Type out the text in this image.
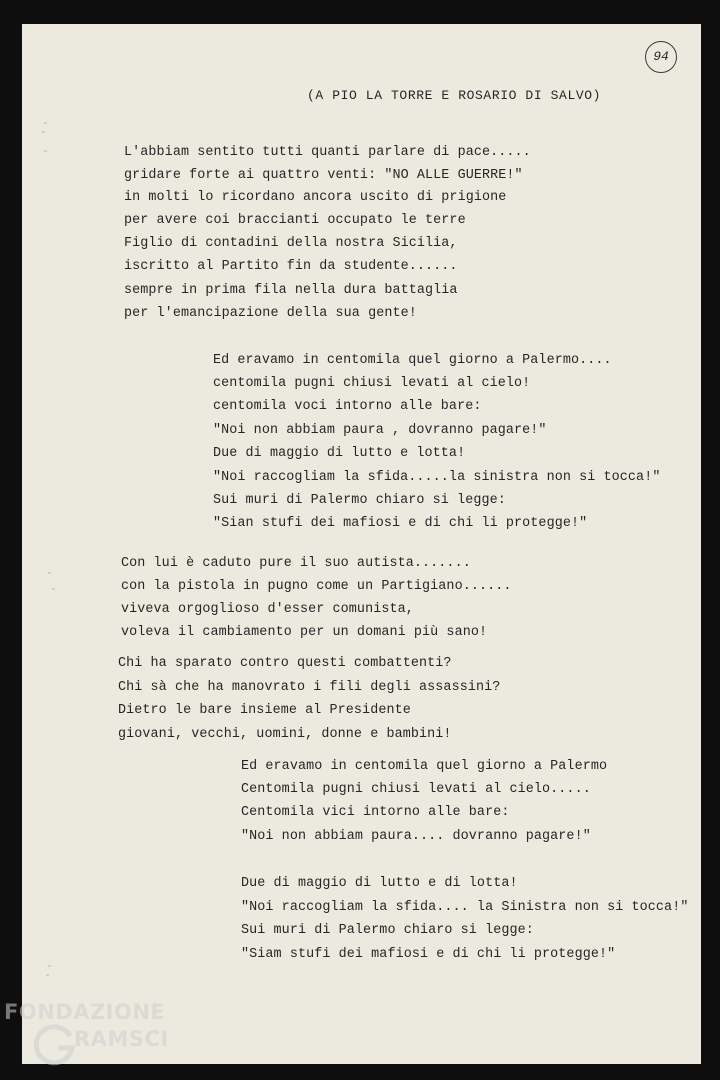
94
(A PIO LA TORRE E ROSARIO DI SALVO)
L'abbiam sentito tutti quanti parlare di pace.....
gridare forte ai quattro venti: "NO ALLE GUERRE!"
in molti lo ricordano ancora uscito di prigione
per avere coi braccianti occupato le terre
Figlio di contadini della nostra Sicilia,
iscritto al Partito fin da studente......
sempre in prima fila nella dura battaglia
per l'emancipazione della sua gente!
Ed eravamo in centomila quel giorno a Palermo....
centomila pugni chiusi levati al cielo!
centomila voci intorno alle bare:
"Noi non abbiam paura , dovranno pagare!"
Due di maggio di lutto e lotta!
"Noi raccogliam la sfida.....la sinistra non si tocca!"
Sui muri di Palermo chiaro si legge:
"Sian stufi dei mafiosi e di chi li protegge!"
Con lui è caduto pure il suo autista.......
con la pistola in pugno come un Partigiano......
viveva orgoglioso d'esser comunista,
voleva il cambiamento per un domani più sano!
Chi ha sparato contro questi combattenti?
Chi sà che ha manovrato i fili degli assassini?
Dietro le bare insieme al Presidente
giovani, vecchi, uomini, donne e bambini!
Ed eravamo in centomila quel giorno a Palermo
Centomila pugni chiusi levati al cielo.....
Centomila vici intorno alle bare:
"Noi non abbiam paura.... dovranno pagare!"
Due di maggio di lutto e di lotta!
"Noi raccogliam la sfida.... la Sinistra non si tocca!"
Sui muri di Palermo chiaro si legge:
"Siam stufi dei mafiosi e di chi li protegge!"
FONDAZIONE
RAMSCI
